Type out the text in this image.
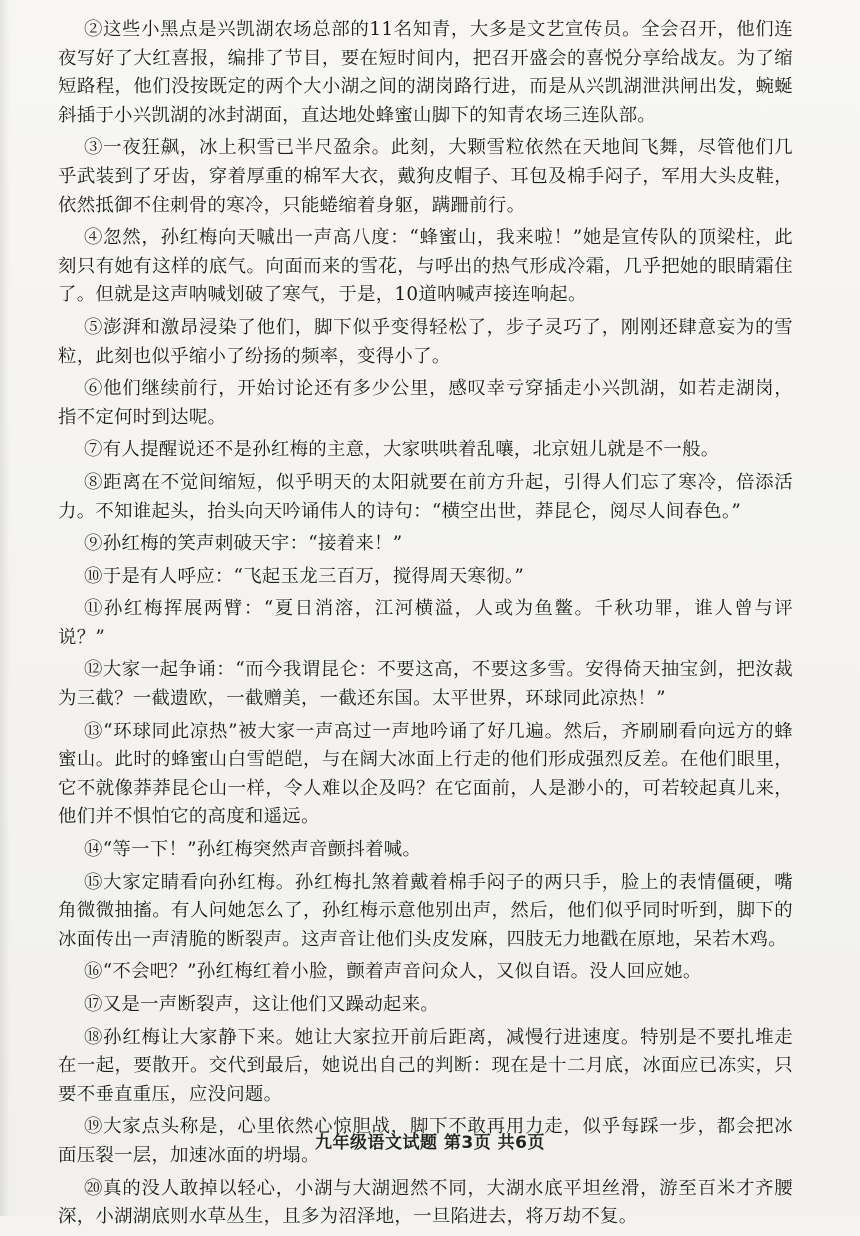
②这些小黑点是兴凯湖农场总部的11名知青，大多是文艺宣传员。全会召开，他们连夜写好了大红喜报，编排了节目，要在短时间内，把召开盛会的喜悦分享给战友。为了缩短路程，他们没按既定的两个大小湖之间的湖岗路行进，而是从兴凯湖泄洪闸出发，蜿蜒斜插于小兴凯湖的冰封湖面，直达地处蜂蜜山脚下的知青农场三连队部。

③一夜狂飙，冰上积雪已半尺盈余。此刻，大颗雪粒依然在天地间飞舞，尽管他们几乎武装到了牙齿，穿着厚重的棉军大衣，戴狗皮帽子、耳包及棉手闷子，军用大头皮鞋，依然抵御不住刺骨的寒冷，只能蜷缩着身躯，蹒跚前行。

④忽然，孙红梅向天嘁出一声高八度：“蜂蜜山，我来啦！”她是宣传队的顶梁柱，此刻只有她有这样的底气。向面而来的雪花，与呼出的热气形成冷霜，几乎把她的眼睛霜住了。但就是这声呐喊划破了寒气，于是，10道呐喊声接连响起。

⑤澎湃和激昂浸染了他们，脚下似乎变得轻松了，步子灵巧了，刚刚还肆意妄为的雪粒，此刻也似乎缩小了纷扬的频率，变得小了。

⑥他们继续前行，开始讨论还有多少公里，感叹幸亏穿插走小兴凯湖，如若走湖岗，指不定何时到达呢。

⑦有人提醒说还不是孙红梅的主意，大家哄哄着乱嚷，北京妞儿就是不一般。

⑧距离在不觉间缩短，似乎明天的太阳就要在前方升起，引得人们忘了寒冷，倍添活力。不知谁起头，抬头向天吟诵伟人的诗句：“横空出世，莽昆仑，阅尽人间春色。”

⑨孙红梅的笑声刺破天宇：“接着来！”

⑩于是有人呼应：“飞起玉龙三百万，搅得周天寒彻。”

⑪孙红梅挥展两臂：“夏日消溶，江河横溢，人或为鱼鳖。千秋功罪，谁人曾与评说？”

⑫大家一起争诵：“而今我谓昆仑：不要这高，不要这多雪。安得倚天抽宝剑，把汝裁为三截？一截遗欧，一截赠美，一截还东国。太平世界，环球同此凉热！”

⑬“环球同此凉热”被大家一声高过一声地吟诵了好几遍。然后，齐刷刷看向远方的蜂蜜山。此时的蜂蜜山白雪皑皑，与在阔大冰面上行走的他们形成强烈反差。在他们眼里，它不就像莽莽昆仑山一样，令人难以企及吗？在它面前，人是渺小的，可若较起真儿来，他们并不惧怕它的高度和遥远。

⑭“等一下！”孙红梅突然声音颤抖着喊。

⑮大家定睛看向孙红梅。孙红梅扎煞着戴着棉手闷子的两只手，脸上的表情僵硬，嘴角微微抽搐。有人问她怎么了，孙红梅示意他别出声，然后，他们似乎同时听到，脚下的冰面传出一声清脆的断裂声。这声音让他们头皮发麻，四肢无力地戳在原地，呆若木鸡。

⑯“不会吧？”孙红梅红着小脸，颤着声音问众人，又似自语。没人回应她。

⑰又是一声断裂声，这让他们又躁动起来。

⑱孙红梅让大家静下来。她让大家拉开前后距离，减慢行进速度。特别是不要扎堆走在一起，要散开。交代到最后，她说出自己的判断：现在是十二月底，冰面应已冻实，只要不垂直重压，应没问题。

⑲大家点头称是，心里依然心惊胆战，脚下不敢再用力走，似乎每踩一步，都会把冰面压裂一层，加速冰面的坍塌。

⑳真的没人敢掉以轻心，小湖与大湖迥然不同，大湖水底平坦丝滑，游至百米才齐腰深，小湖湖底则水草丛生，且多为沼泽地，一旦陷进去，将万劫不复。

九年级语文试题 第3页 共6页
